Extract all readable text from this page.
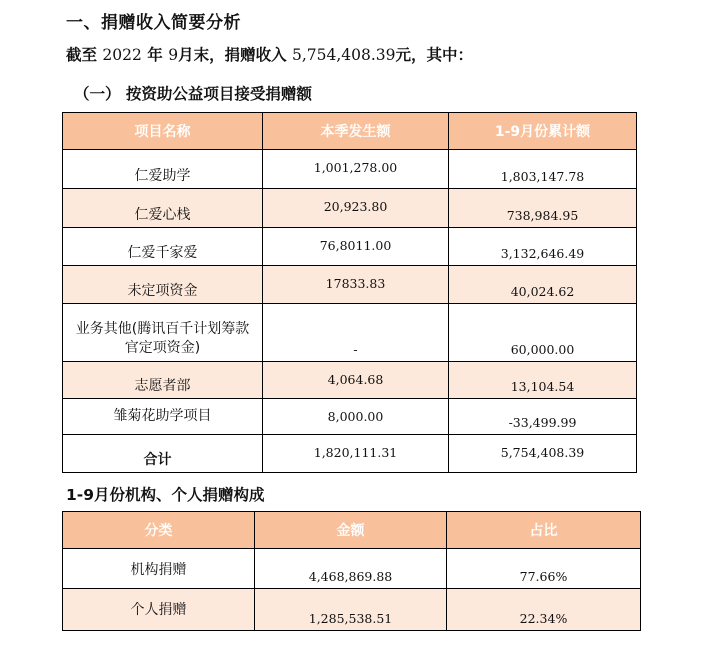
一、捐赠收入简要分析
截至 2022 年 9月末，捐赠收入 5,754,408.39元，其中：
（一） 按资助公益项目接受捐赠额
项目名称	本季发生额	1-9月份累计额

仁爱助学	1,001,278.00	1,803,147.78

仁爱心栈	20,923.80	738,984.95

仁爱千家爱	76,8011.00	3,132,646.49

未定项资金	17833.83	40,024.62

业务其他(腾讯百千计划筹款
官定项资金)	-	60,000.00

志愿者部	4,064.68	13,104.54

雏菊花助学项目	8,000.00	-33,499.99

合计	1,820,111.31	5,754,408.39
1-9月份机构、个人捐赠构成
分类	金额	占比

机构捐赠	4,468,869.88	77.66%

个人捐赠	1,285,538.51	22.34%
